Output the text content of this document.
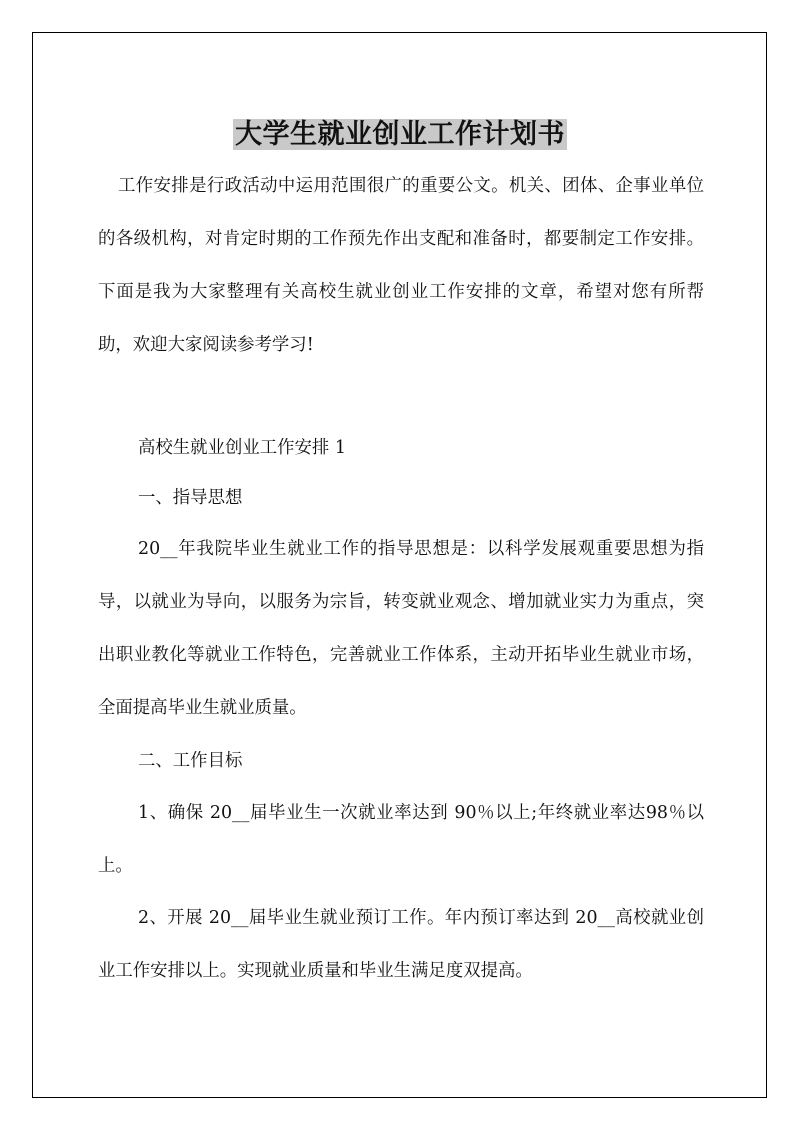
大学生就业创业工作计划书

工作安排是行政活动中运用范围很广的重要公文。机关、团体、企事业单位的各级机构，对肯定时期的工作预先作出支配和准备时，都要制定工作安排。下面是我为大家整理有关高校生就业创业工作安排的文章，希望对您有所帮助，欢迎大家阅读参考学习!

高校生就业创业工作安排 1

一、指导思想

20__年我院毕业生就业工作的指导思想是：以科学发展观重要思想为指导，以就业为导向，以服务为宗旨，转变就业观念、增加就业实力为重点，突出职业教化等就业工作特色，完善就业工作体系，主动开拓毕业生就业市场，全面提高毕业生就业质量。

二、工作目标

1、确保 20__届毕业生一次就业率达到 90％以上;年终就业率达98％以上。

2、开展 20__届毕业生就业预订工作。年内预订率达到 20__高校就业创业工作安排以上。实现就业质量和毕业生满足度双提高。
